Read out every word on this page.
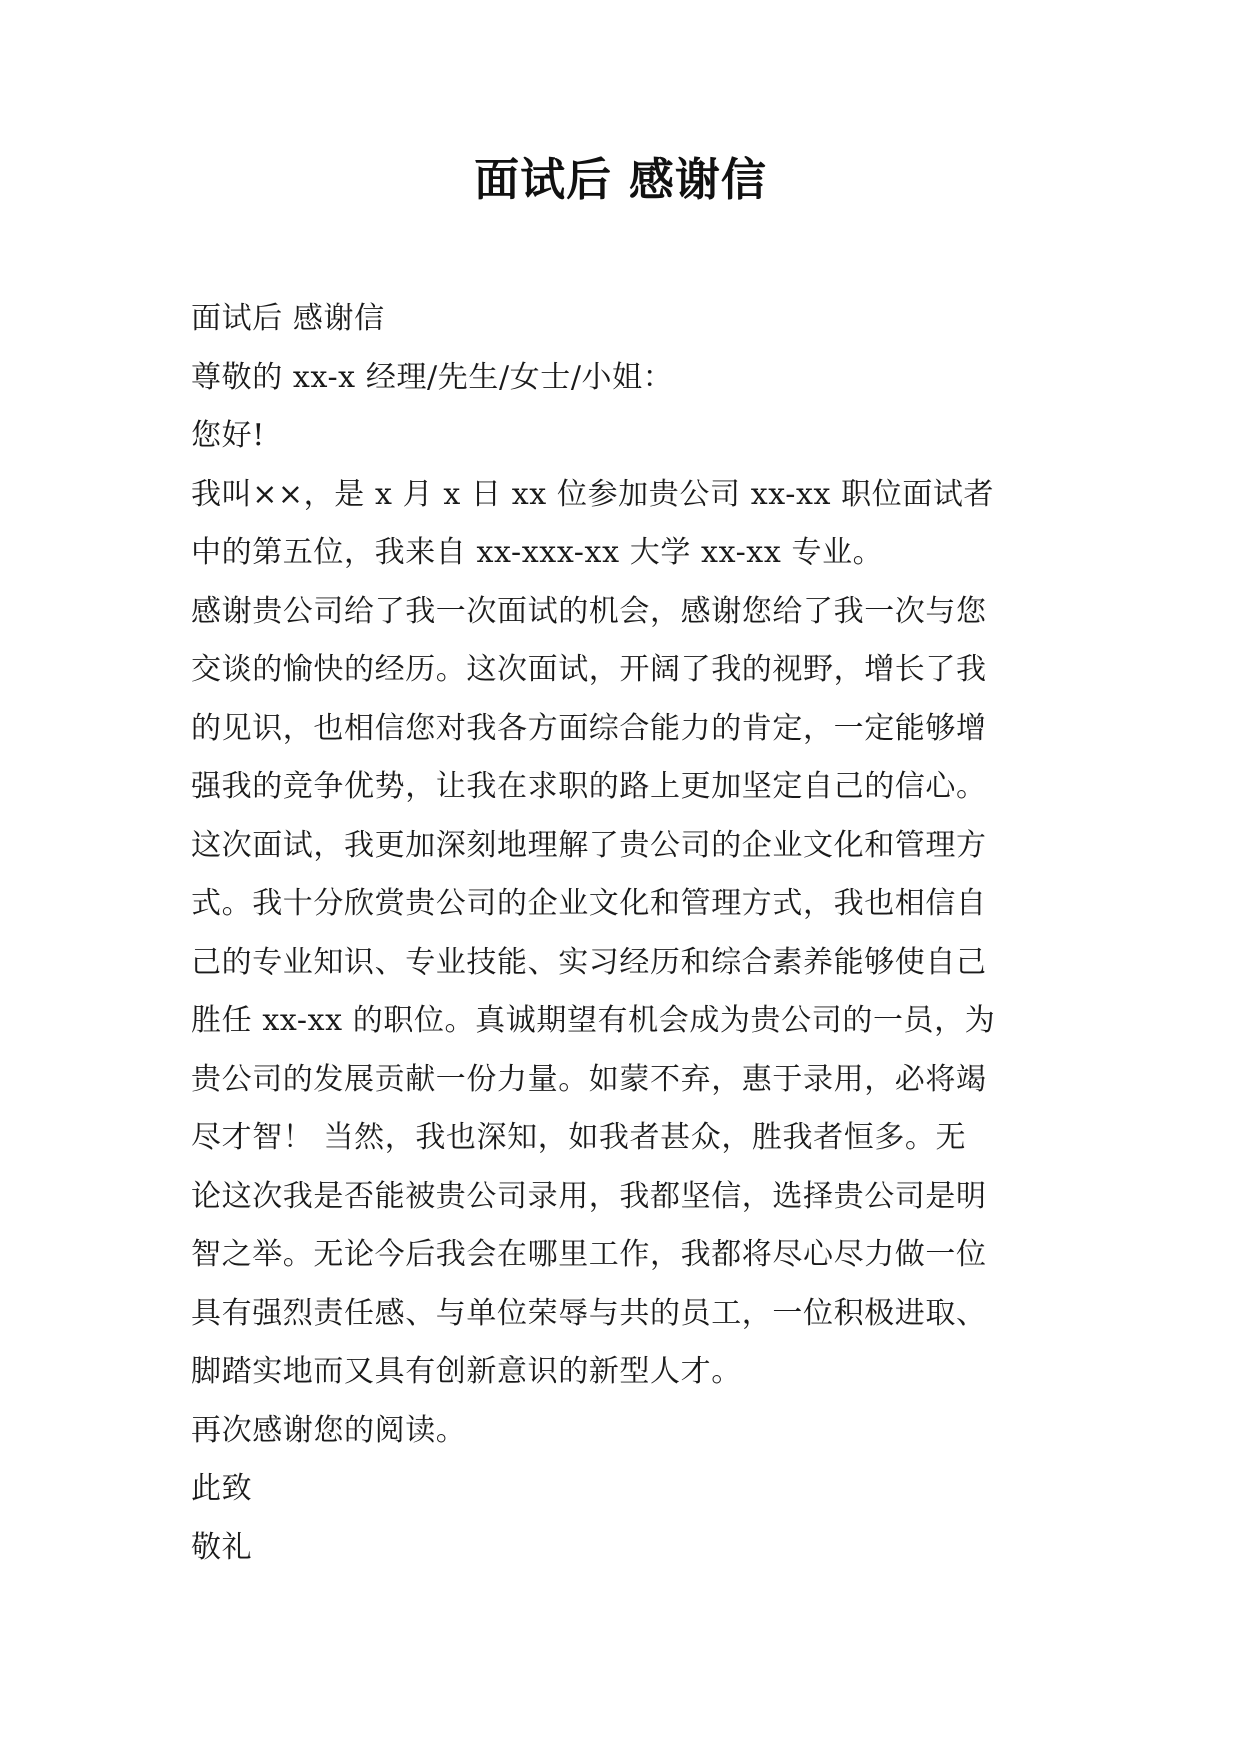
面试后 感谢信
面试后 感谢信
尊敬的 xx-x 经理/先生/女士/小姐：
您好!
我叫××，是 x 月 x 日 xx 位参加贵公司 xx-xx 职位面试者
中的第五位，我来自 xx-xxx-xx 大学 xx-xx 专业。
感谢贵公司给了我一次面试的机会，感谢您给了我一次与您
交谈的愉快的经历。这次面试，开阔了我的视野，增长了我
的见识，也相信您对我各方面综合能力的肯定，一定能够增
强我的竞争优势，让我在求职的路上更加坚定自己的信心。
这次面试，我更加深刻地理解了贵公司的企业文化和管理方
式。我十分欣赏贵公司的企业文化和管理方式，我也相信自
己的专业知识、专业技能、实习经历和综合素养能够使自己
胜任 xx-xx 的职位。真诚期望有机会成为贵公司的一员，为
贵公司的发展贡献一份力量。如蒙不弃，惠于录用，必将竭
尽才智！ 当然，我也深知，如我者甚众，胜我者恒多。无
论这次我是否能被贵公司录用，我都坚信，选择贵公司是明
智之举。无论今后我会在哪里工作，我都将尽心尽力做一位
具有强烈责任感、与单位荣辱与共的员工，一位积极进取、
脚踏实地而又具有创新意识的新型人才。
再次感谢您的阅读。
此致
敬礼
